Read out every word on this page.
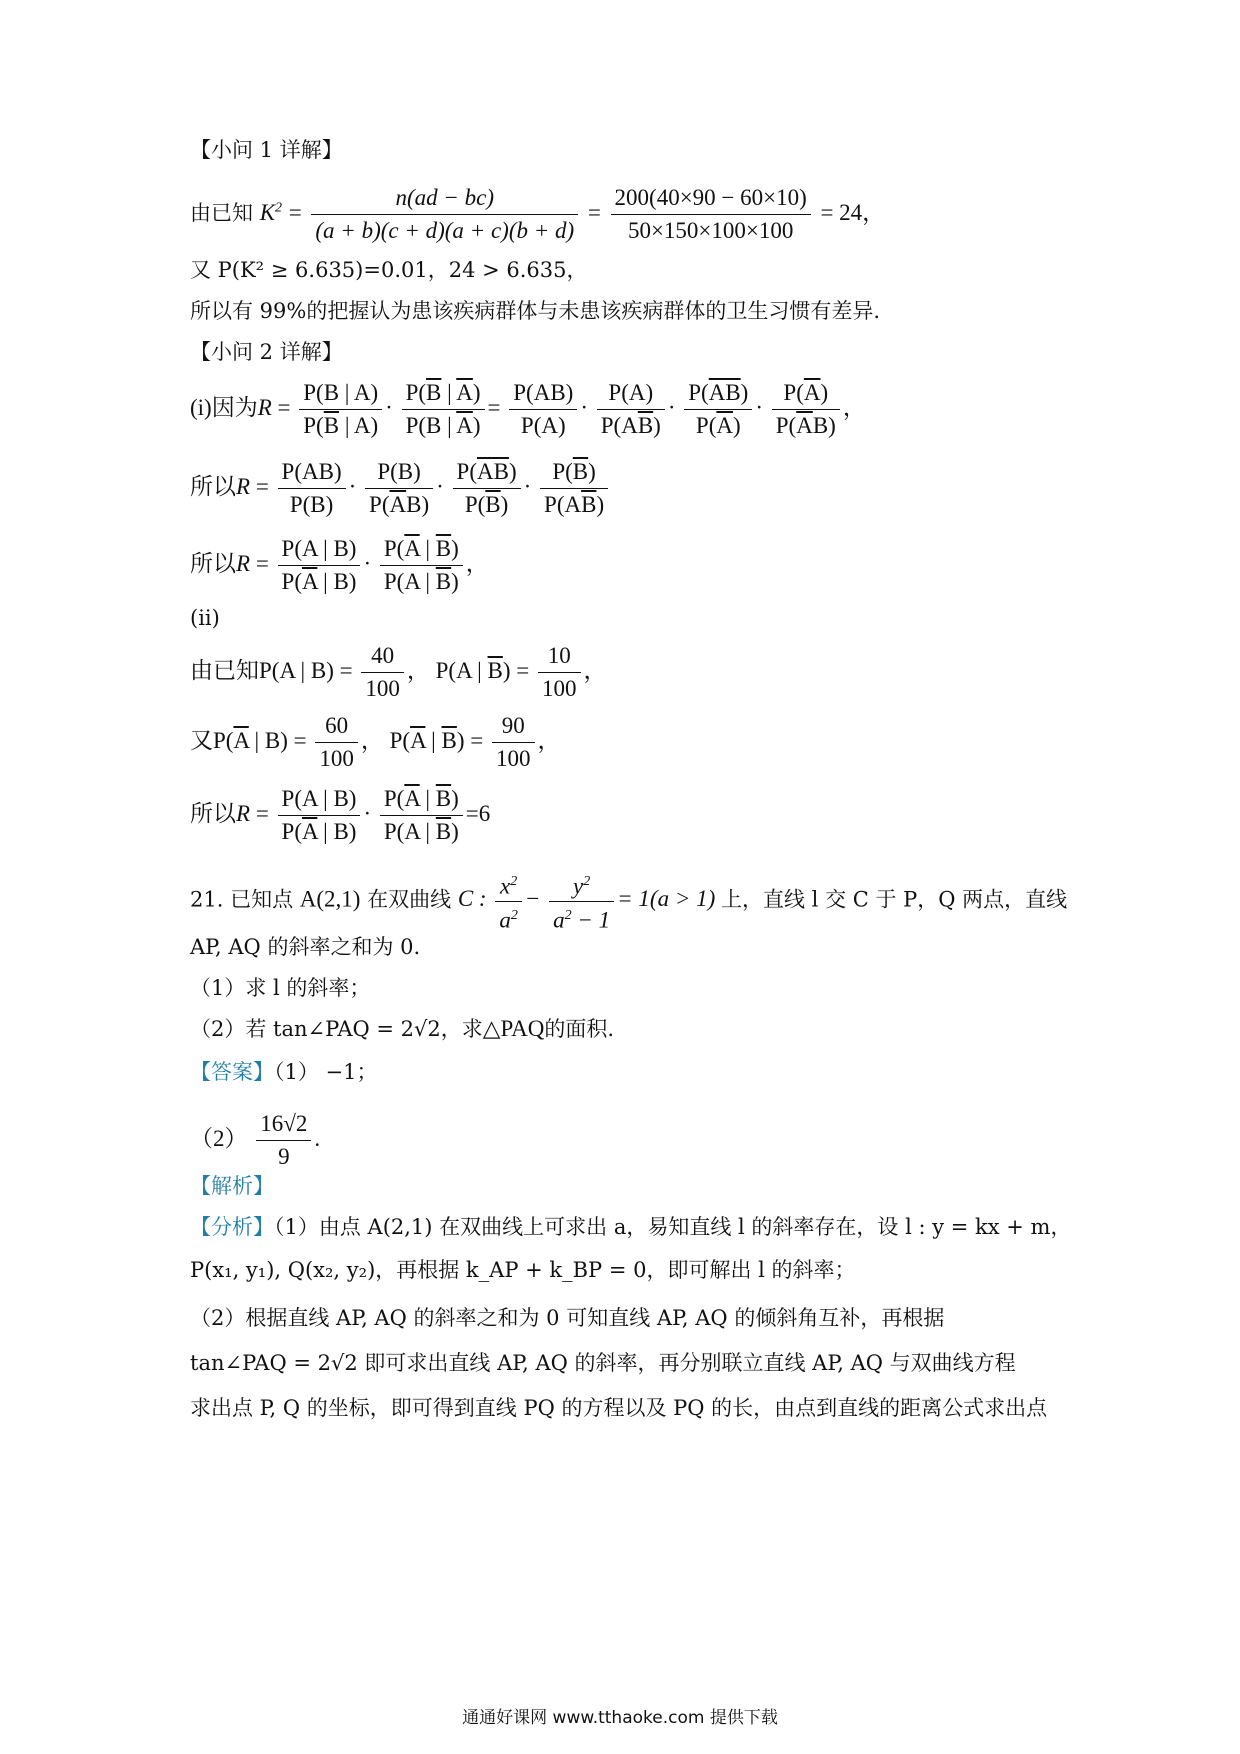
【小问 1 详解】
由已知 $K^2 = \frac{n(ad - bc)}{(a + b)(c + d)(a + c)(b + d)} = \frac{200(40\times 90 - 60\times 10)}{50\times 150\times 100\times 100} = 24$，
又 P(K² ≥ 6.635)=0.01，24 > 6.635，
所以有 99%的把握认为患该疾病群体与未患该疾病群体的卫生习惯有差异.
【小问 2 详解】
(i)因为$R = \frac{P(B | A)}{P(\overline{B} | A)} \cdot \frac{P(\overline{B} | \overline{A})}{P(B | \overline{A})} = \frac{P(AB)}{P(A)} \cdot \frac{P(A)}{P(A\overline{B})} \cdot \frac{P(\overline{AB})}{P(\overline{A})} \cdot \frac{P(\overline{A})}{P(\overline{A}B)}$ ，
所以$R = \frac{P(AB)}{P(B)} \cdot \frac{P(B)}{P(\overline{A}B)} \cdot \frac{P(\overline{AB})}{P(\overline{B})} \cdot \frac{P(\overline{B})}{P(A\overline{B})}$
所以$R = \frac{P(A | B)}{P(\overline{A} | B)} \cdot \frac{P(\overline{A} | \overline{B})}{P(A | \overline{B})}$ ，
(ii)
由已知P(A | $B) = \frac{40}{100}$ ， P(A | $\overline{B}) = \frac{10}{100}$ ，
又$P(\overline{A}$ | $B) = \frac{60}{100}$ ， $P(\overline{A}$ | $\overline{B}) = \frac{90}{100}$ ，
所以$R = \frac{P(A | B)}{P(\overline{A} | B)} \cdot \frac{P(\overline{A} | \overline{B})}{P(A | \overline{B})} =6$
21. 已知点 A(2,1) 在双曲线 C : $\frac{x^2}{a^2} - \frac{y^2}{a^2 - 1} = 1(a > 1)$ 上，直线 l 交 C 于 P，Q 两点，直线
AP, AQ 的斜率之和为 0.
（1）求 l 的斜率；
（2）若 tan∠PAQ = 2√2，求△PAQ的面积.
【答案】（1） −1；
$(2) \frac{16√2}{9}$ .
【解析】
【分析】（1）由点 A(2,1) 在双曲线上可求出 a，易知直线 l 的斜率存在，设 l : y = kx + m，
P(x₁, y₁), Q(x₂, y₂)，再根据 k_AP + k_BP = 0，即可解出 l 的斜率；
（2）根据直线 AP, AQ 的斜率之和为 0 可知直线 AP, AQ 的倾斜角互补，再根据
tan∠PAQ = 2√2 即可求出直线 AP, AQ 的斜率，再分别联立直线 AP, AQ 与双曲线方程
求出点 P, Q 的坐标，即可得到直线 PQ 的方程以及 PQ 的长，由点到直线的距离公式求出点
通通好课网 www.tthaoke.com 提供下载
